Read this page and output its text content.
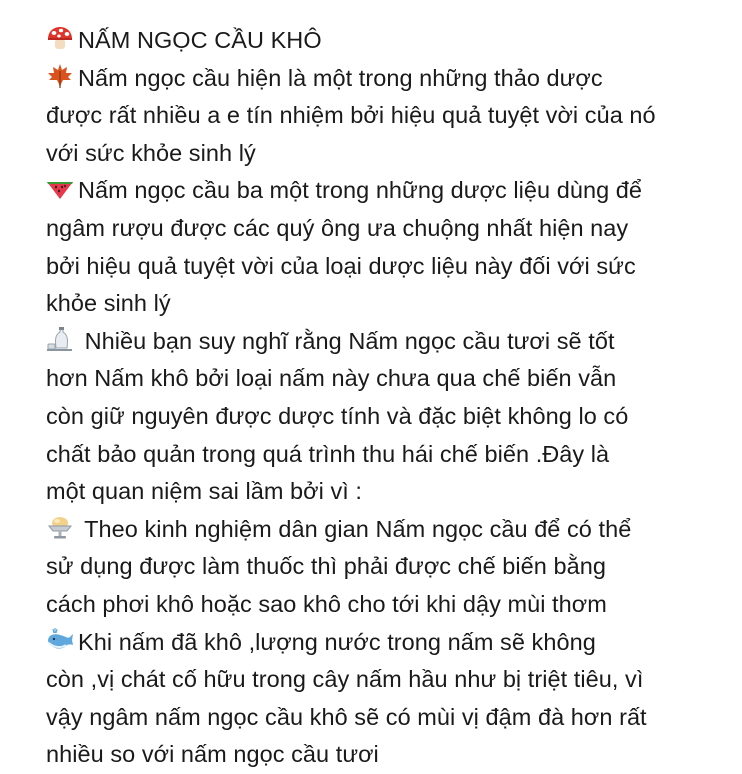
NẤM NGỌC CẦU KHÔ

Nấm ngọc cầu hiện là một trong những thảo dược
được rất nhiều a e tín nhiệm bởi hiệu quả tuyệt vời của nó
với sức khỏe sinh lý

Nấm ngọc cầu ba một trong những dược liệu dùng để
ngâm rượu được các quý ông ưa chuộng nhất hiện nay
bởi hiệu quả tuyệt vời của loại dược liệu này đối với sức
khỏe sinh lý

Nhiều bạn suy nghĩ rằng Nấm ngọc cầu tươi sẽ tốt
hơn Nấm khô bởi loại nấm này chưa qua chế biến vẫn
còn giữ nguyên được dược tính và đặc biệt không lo có
chất bảo quản trong quá trình thu hái chế biến .Đây là
một quan niệm sai lầm bởi vì :

Theo kinh nghiệm dân gian Nấm ngọc cầu để có thể
sử dụng được làm thuốc thì phải được chế biến bằng
cách phơi khô hoặc sao khô cho tới khi dậy mùi thơm

Khi nấm đã khô ,lượng nước trong nấm sẽ không
còn ,vị chát cố hữu trong cây nấm hầu như bị triệt tiêu, vì
vậy ngâm nấm ngọc cầu khô sẽ có mùi vị đậm đà hơn rất
nhiều so với nấm ngọc cầu tươi
